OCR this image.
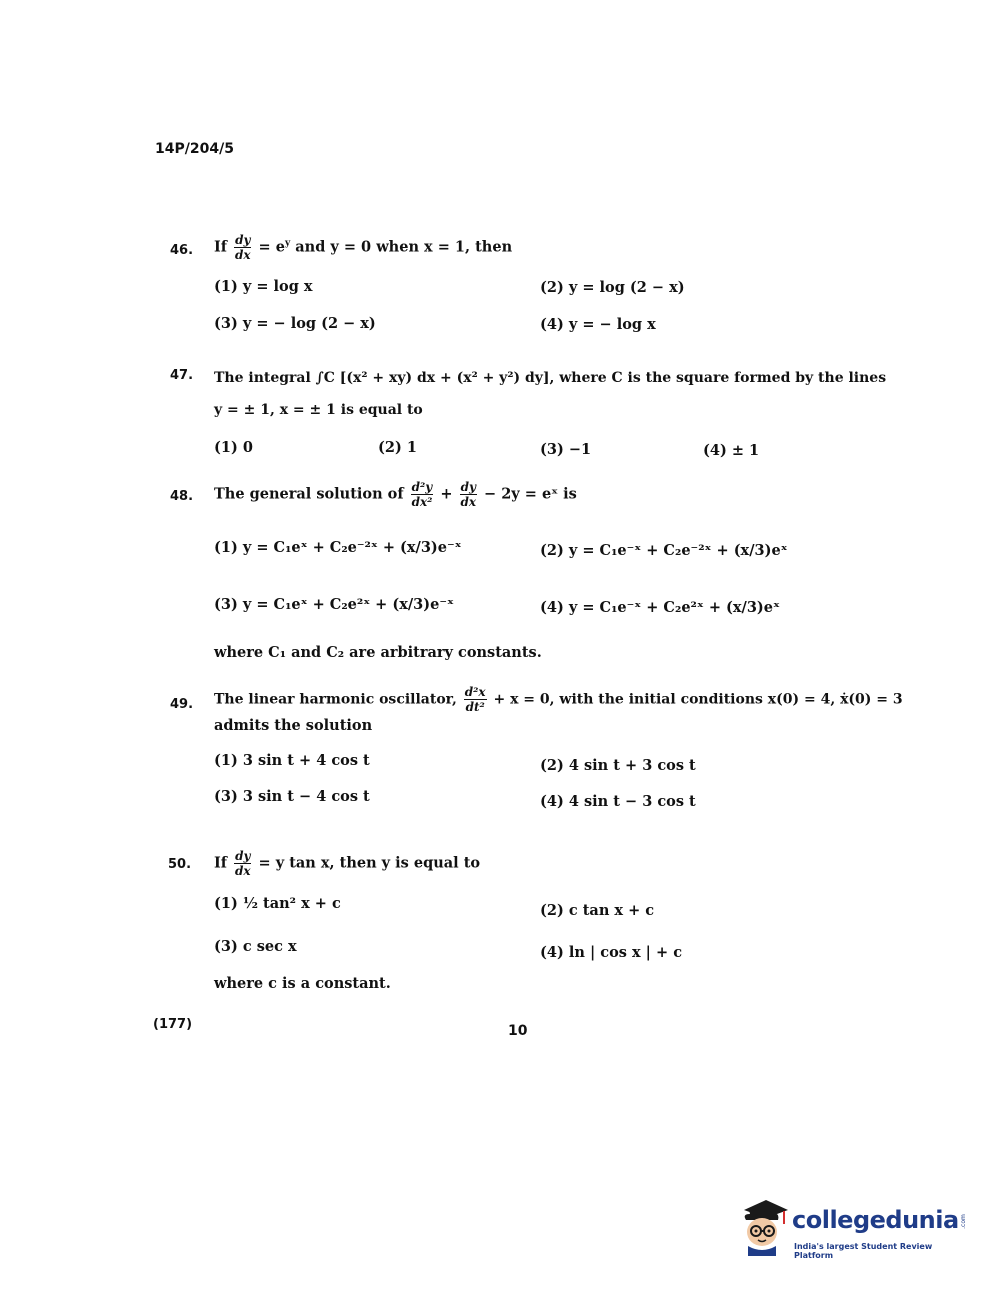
14P/204/5
46. If $\frac{dy}{dx} = e^y$ and y = 0 when x = 1, then
(1) y = log x	(2) y = log (2 − x)
(3) y = − log (2 − x)	(4) y = − log x
47. The integral ∫C [(x² + xy) dx + (x² + y²) dy], where C is the square formed by the lines
y = ± 1, x = ± 1 is equal to
(1) 0	(2) 1	(3) −1	(4) ± 1
48. The general solution of $\frac{\text{d²y}}{\text{dx²}} + \frac{dy}{dx} - 2y$ = eˣ is
(1) y = C₁eˣ + C₂e⁻²ˣ + (x/3)e⁻ˣ	(2) y = C₁e⁻ˣ + C₂e⁻²ˣ + (x/3)eˣ
(3) y = C₁eˣ + C₂e²ˣ + (x/3)e⁻ˣ	(4) y = C₁e⁻ˣ + C₂e²ˣ + (x/3)eˣ
where C₁ and C₂ are arbitrary constants.
49. The linear harmonic oscillator, $\frac{\text{d²x}}{\text{dt²}} + x = 0$, with the initial conditions x(0) = 4, ẋ(0) = 3
admits the solution
(1) 3 sin t + 4 cos t	(2) 4 sin t + 3 cos t
(3) 3 sin t − 4 cos t	(4) 4 sin t − 3 cos t
50. If $\frac{dy}{dx} = y$ tan x, then y is equal to
(1) ½ tan² x + c	(2) c tan x + c
(3) c sec x	(4) ln | cos x | + c
where c is a constant.
(177)	10
collegedunia .com
India's largest Student Review Platform
